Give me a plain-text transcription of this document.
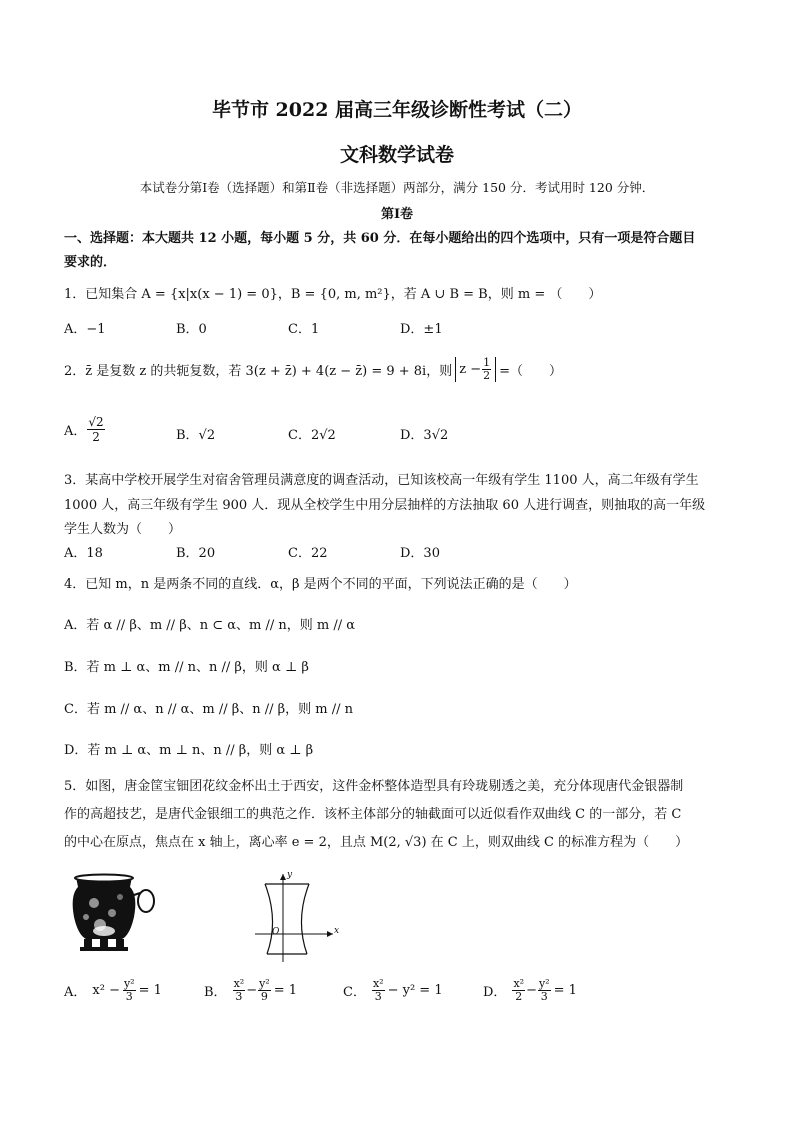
毕节市 2022 届高三年级诊断性考试（二）
文科数学试卷
本试卷分第Ⅰ卷（选择题）和第Ⅱ卷（非选择题）两部分，满分 150 分．考试用时 120 分钟．
第Ⅰ卷
一、选择题：本大题共 12 小题，每小题 5 分，共 60 分．在每小题给出的四个选项中，只有一项是符合题目
要求的．
1．已知集合 A = {x|x(x − 1) = 0}，B = {0, m, m²}，若 A ∪ B = B，则 m = （　　）
A．−1	B．0	C．1	D．±1
2．z̄ 是复数 z 的共轭复数，若 3(z + z̄) + 4(z − z̄) = 9 + 8i，则 $z - \frac{1}{2}$ =（　　）
A． $\frac{√2}{2}$	B．√2	C．2√2	D．3√2
3．某高中学校开展学生对宿舍管理员满意度的调查活动，已知该校高一年级有学生 1100 人，高二年级有学生
1000 人，高三年级有学生 900 人．现从全校学生中用分层抽样的方法抽取 60 人进行调查，则抽取的高一年级
学生人数为（　　）
A．18	B．20	C．22	D．30
4．已知 m，n 是两条不同的直线．α，β 是两个不同的平面，下列说法正确的是（　　）
A．若 α // β、m // β、n ⊂ α、m // n，则 m // α
B．若 m ⊥ α、m // n、n // β，则 α ⊥ β
C．若 m // α、n // α、m // β、n // β，则 m // n
D．若 m ⊥ α、m ⊥ n、n // β，则 α ⊥ β
5．如图，唐金筐宝钿团花纹金杯出土于西安，这件金杯整体造型具有玲珑剔透之美，充分体现唐代金银器制
作的高超技艺，是唐代金银细工的典范之作．该杯主体部分的轴截面可以近似看作双曲线 C 的一部分，若 C
的中心在原点，焦点在 x 轴上，离心率 e = 2，且点 M(2, √3) 在 C 上，则双曲线 C 的标准方程为（　　）
y
x
O
A． $x^2 - \frac{\text{y²}}{3} = 1$	B．
x²
$3 - \frac{\text{y²}}{9} = 1$	C．
x²
3 − y² = 1	D．
x²
$2 - \frac{\text{y²}}{3} = 1$
